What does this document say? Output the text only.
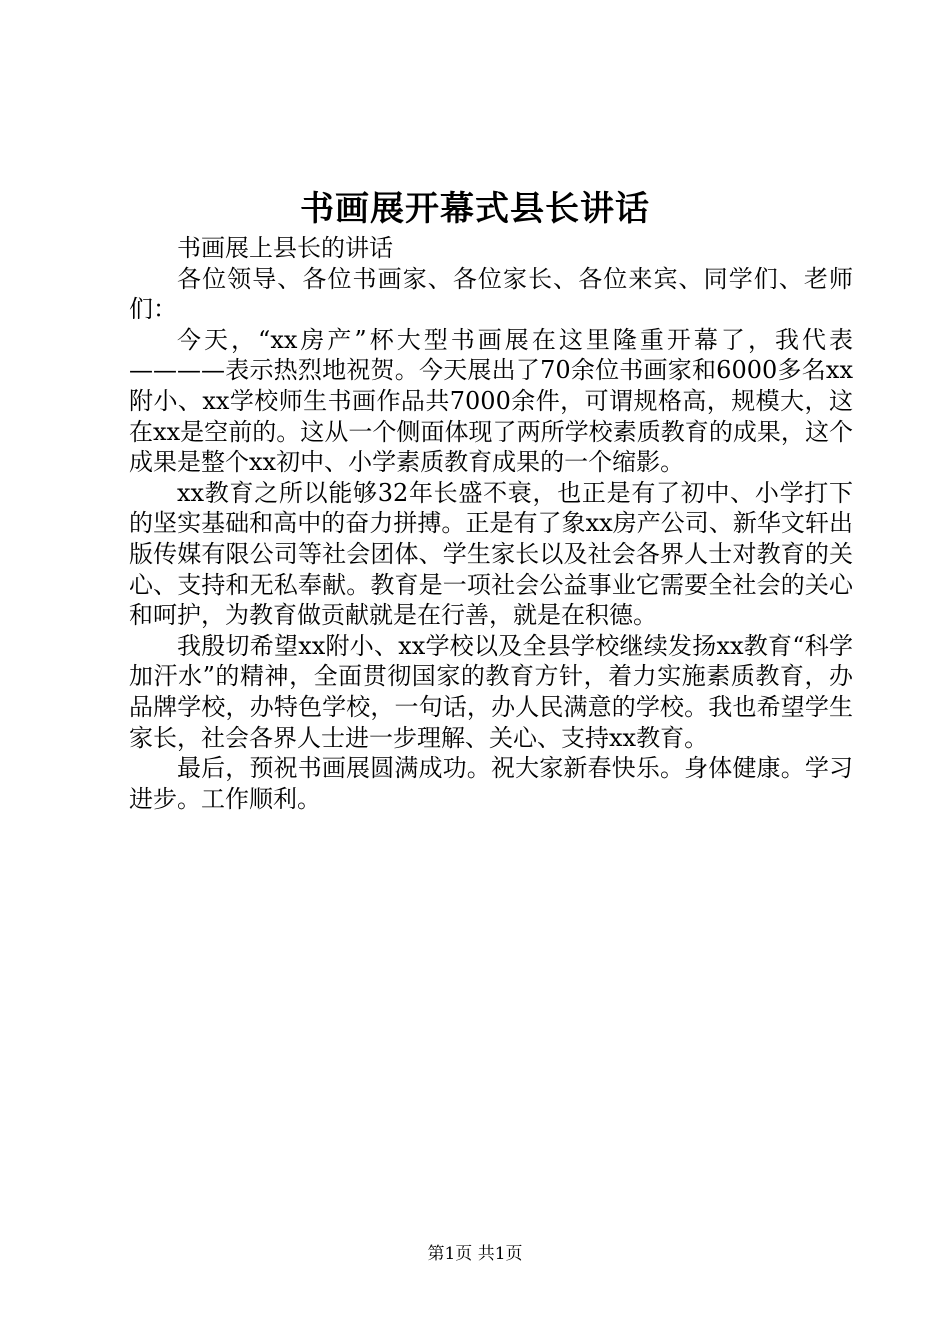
书画展开幕式县长讲话

书画展上县长的讲话

各位领导、各位书画家、各位家长、各位来宾、同学们、老师们：

今天，“xx房产”杯大型书画展在这里隆重开幕了，我代表————表示热烈地祝贺。今天展出了70余位书画家和6000多名xx附小、xx学校师生书画作品共7000余件，可谓规格高，规模大，这在xx是空前的。这从一个侧面体现了两所学校素质教育的成果，这个成果是整个xx初中、小学素质教育成果的一个缩影。

xx教育之所以能够32年长盛不衰，也正是有了初中、小学打下的坚实基础和高中的奋力拼搏。正是有了象xx房产公司、新华文轩出版传媒有限公司等社会团体、学生家长以及社会各界人士对教育的关心、支持和无私奉献。教育是一项社会公益事业它需要全社会的关心和呵护，为教育做贡献就是在行善，就是在积德。

我殷切希望xx附小、xx学校以及全县学校继续发扬xx教育“科学加汗水”的精神，全面贯彻国家的教育方针，着力实施素质教育，办品牌学校，办特色学校，一句话，办人民满意的学校。我也希望学生家长，社会各界人士进一步理解、关心、支持xx教育。

最后，预祝书画展圆满成功。祝大家新春快乐。身体健康。学习进步。工作顺利。

第1页 共1页
